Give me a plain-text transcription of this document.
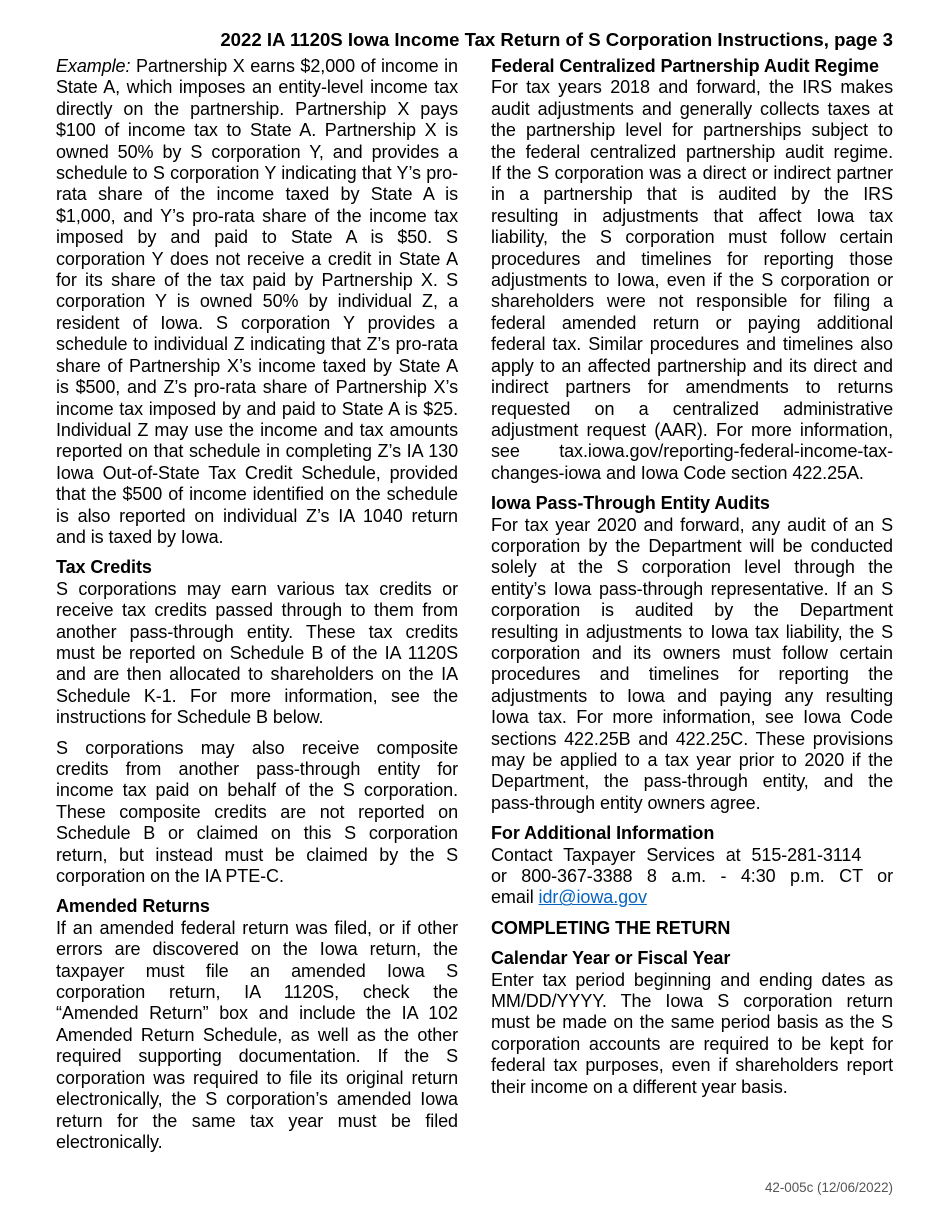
2022 IA 1120S Iowa Income Tax Return of S Corporation Instructions, page 3
Example: Partnership X earns $2,000 of income in
State A, which imposes an entity-level income tax
directly on the partnership. Partnership X pays
$100 of income tax to State A. Partnership X is
owned 50% by S corporation Y, and provides a
schedule to S corporation Y indicating that Y’s pro-
rata share of the income taxed by State A is
$1,000, and Y’s pro-rata share of the income tax
imposed by and paid to State A is $50. S
corporation Y does not receive a credit in State A
for its share of the tax paid by Partnership X. S
corporation Y is owned 50% by individual Z, a
resident of Iowa. S corporation Y provides a
schedule to individual Z indicating that Z’s pro-rata
share of Partnership X’s income taxed by State A
is $500, and Z’s pro-rata share of Partnership X’s
income tax imposed by and paid to State A is $25.
Individual Z may use the income and tax amounts
reported on that schedule in completing Z’s IA 130
Iowa Out-of-State Tax Credit Schedule, provided
that the $500 of income identified on the schedule
is also reported on individual Z’s IA 1040 return
and is taxed by Iowa.
Tax Credits
S corporations may earn various tax credits or
receive tax credits passed through to them from
another pass-through entity. These tax credits
must be reported on Schedule B of the IA 1120S
and are then allocated to shareholders on the IA
Schedule K-1. For more information, see the
instructions for Schedule B below.
S corporations may also receive composite
credits from another pass-through entity for
income tax paid on behalf of the S corporation.
These composite credits are not reported on
Schedule B or claimed on this S corporation
return, but instead must be claimed by the S
corporation on the IA PTE-C.
Amended Returns
If an amended federal return was filed, or if other
errors are discovered on the Iowa return, the
taxpayer must file an amended Iowa S
corporation return, IA 1120S, check the
“Amended Return” box and include the IA 102
Amended Return Schedule, as well as the other
required supporting documentation. If the S
corporation was required to file its original return
electronically, the S corporation’s amended Iowa
return for the same tax year must be filed
electronically.
Federal Centralized Partnership Audit Regime
For tax years 2018 and forward, the IRS makes
audit adjustments and generally collects taxes at
the partnership level for partnerships subject to
the federal centralized partnership audit regime.
If the S corporation was a direct or indirect partner
in a partnership that is audited by the IRS
resulting in adjustments that affect Iowa tax
liability, the S corporation must follow certain
procedures and timelines for reporting those
adjustments to Iowa, even if the S corporation or
shareholders were not responsible for filing a
federal amended return or paying additional
federal tax. Similar procedures and timelines also
apply to an affected partnership and its direct and
indirect partners for amendments to returns
requested on a centralized administrative
adjustment request (AAR). For more information,
see tax.iowa.gov/reporting-federal-income-tax-
changes-iowa and Iowa Code section 422.25A.
Iowa Pass-Through Entity Audits
For tax year 2020 and forward, any audit of an S
corporation by the Department will be conducted
solely at the S corporation level through the
entity’s Iowa pass-through representative. If an S
corporation is audited by the Department
resulting in adjustments to Iowa tax liability, the S
corporation and its owners must follow certain
procedures and timelines for reporting the
adjustments to Iowa and paying any resulting
Iowa tax. For more information, see Iowa Code
sections 422.25B and 422.25C. These provisions
may be applied to a tax year prior to 2020 if the
Department, the pass-through entity, and the
pass-through entity owners agree.
For Additional Information
Contact Taxpayer Services at 515-281-3114
or 800-367-3388 8 a.m. - 4:30 p.m. CT or
email idr@iowa.gov
COMPLETING THE RETURN
Calendar Year or Fiscal Year
Enter tax period beginning and ending dates as
MM/DD/YYYY. The Iowa S corporation return
must be made on the same period basis as the S
corporation accounts are required to be kept for
federal tax purposes, even if shareholders report
their income on a different year basis.
42-005c (12/06/2022)
